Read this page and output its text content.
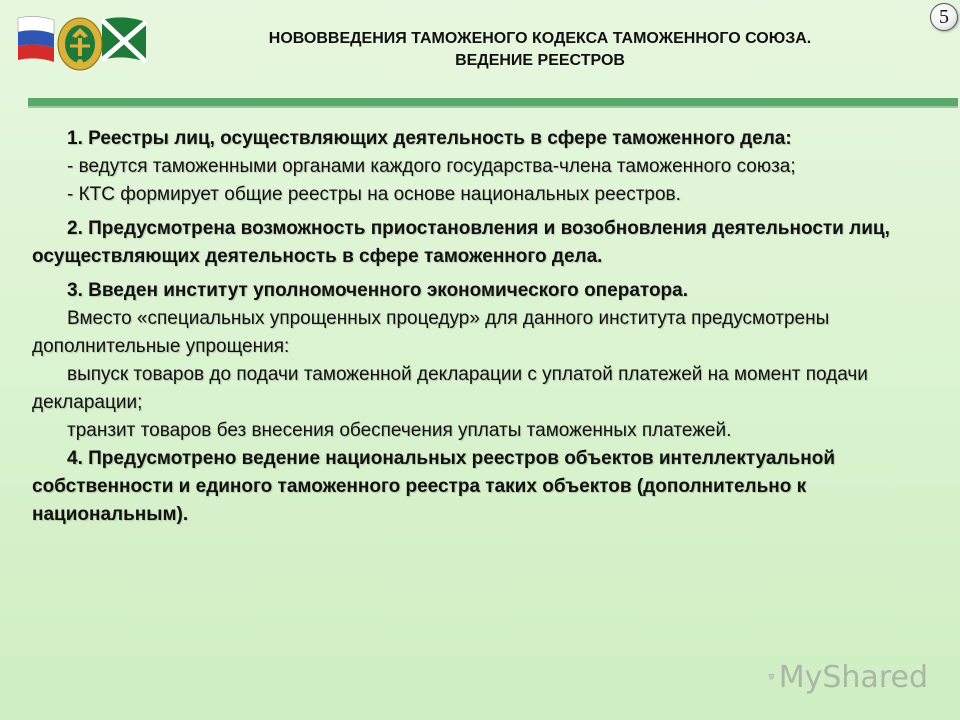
5
НОВОВВЕДЕНИЯ ТАМОЖЕНОГО КОДЕКСА ТАМОЖЕННОГО СОЮЗА.
ВЕДЕНИЕ РЕЕСТРОВ

1. Реестры лиц, осуществляющих деятельность в сфере таможенного дела:

- ведутся таможенными органами каждого государства-члена таможенного союза;

- КТС формирует общие реестры на основе национальных реестров.

2. Предусмотрена возможность приостановления и возобновления деятельности лиц, осуществляющих деятельность в сфере таможенного дела.

3. Введен институт уполномоченного экономического оператора.

Вместо «специальных упрощенных процедур» для данного института предусмотрены дополнительные упрощения:

выпуск товаров до подачи таможенной декларации с уплатой платежей на момент подачи декларации;

транзит товаров без внесения обеспечения уплаты таможенных платежей.

4. Предусмотрено ведение национальных реестров объектов интеллектуальной собственности и единого таможенного реестра таких объектов (дополнительно к национальным).

MyShared
